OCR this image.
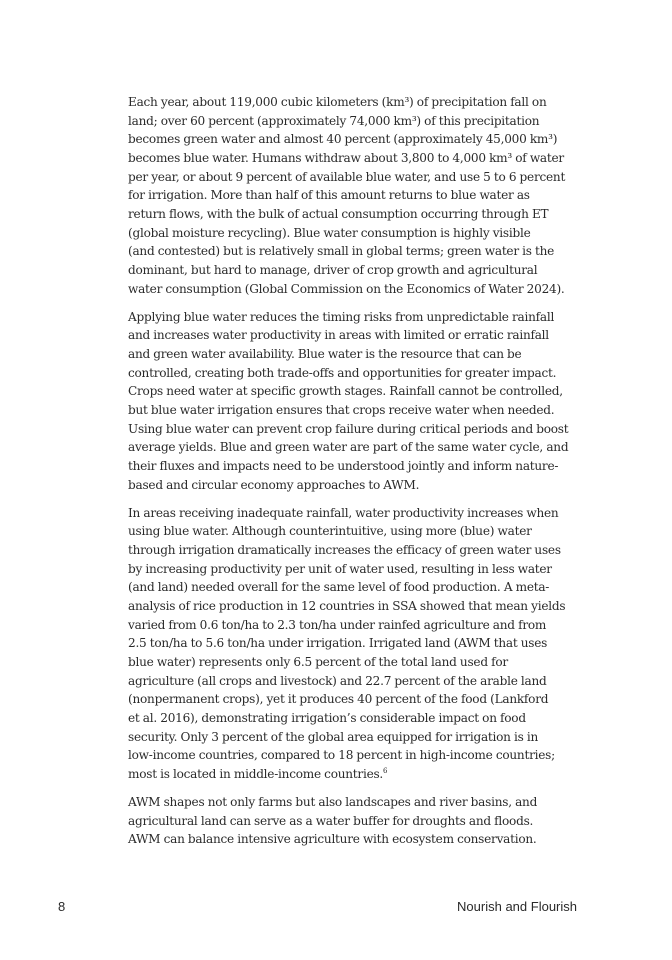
Each year, about 119,000 cubic kilometers (km³) of precipitation fall on
land; over 60 percent (approximately 74,000 km³) of this precipitation
becomes green water and almost 40 percent (approximately 45,000 km³)
becomes blue water. Humans withdraw about 3,800 to 4,000 km³ of water
per year, or about 9 percent of available blue water, and use 5 to 6 percent
for irrigation. More than half of this amount returns to blue water as
return flows, with the bulk of actual consumption occurring through ET
(global moisture recycling). Blue water consumption is highly visible
(and contested) but is relatively small in global terms; green water is the
dominant, but hard to manage, driver of crop growth and agricultural
water consumption (Global Commission on the Economics of Water 2024).

Applying blue water reduces the timing risks from unpredictable rainfall
and increases water productivity in areas with limited or erratic rainfall
and green water availability. Blue water is the resource that can be
controlled, creating both trade-offs and opportunities for greater impact.
Crops need water at specific growth stages. Rainfall cannot be controlled,
but blue water irrigation ensures that crops receive water when needed.
Using blue water can prevent crop failure during critical periods and boost
average yields. Blue and green water are part of the same water cycle, and
their fluxes and impacts need to be understood jointly and inform nature-
based and circular economy approaches to AWM.

In areas receiving inadequate rainfall, water productivity increases when
using blue water. Although counterintuitive, using more (blue) water
through irrigation dramatically increases the efficacy of green water uses
by increasing productivity per unit of water used, resulting in less water
(and land) needed overall for the same level of food production. A meta-
analysis of rice production in 12 countries in SSA showed that mean yields
varied from 0.6 ton/ha to 2.3 ton/ha under rainfed agriculture and from
2.5 ton/ha to 5.6 ton/ha under irrigation. Irrigated land (AWM that uses
blue water) represents only 6.5 percent of the total land used for
agriculture (all crops and livestock) and 22.7 percent of the arable land
(nonpermanent crops), yet it produces 40 percent of the food (Lankford
et al. 2016), demonstrating irrigation’s considerable impact on food
security. Only 3 percent of the global area equipped for irrigation is in
low-income countries, compared to 18 percent in high-income countries;
most is located in middle-income countries.$^6$

AWM shapes not only farms but also landscapes and river basins, and
agricultural land can serve as a water buffer for droughts and floods.
AWM can balance intensive agriculture with ecosystem conservation.

8	Nourish and Flourish
